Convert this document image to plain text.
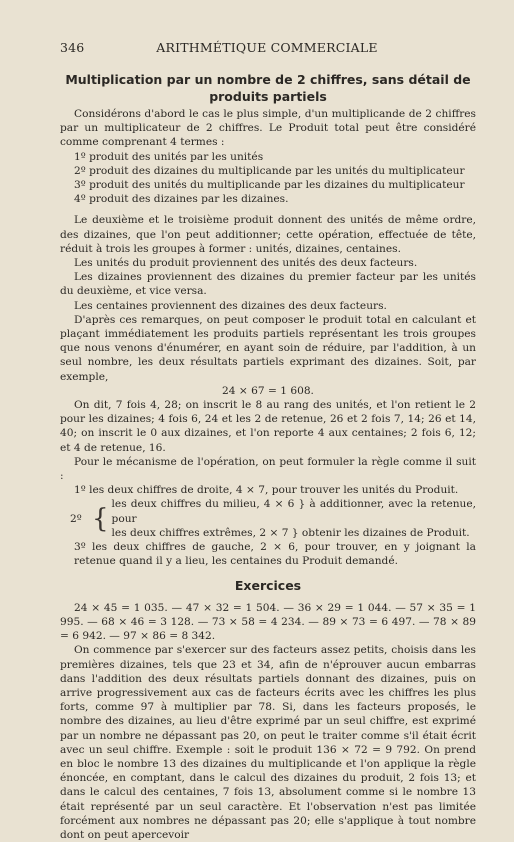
346	ARITHMÉTIQUE COMMERCIALE
Multiplication par un nombre de 2 chiffres, sans détail de produits partiels

Considérons d'abord le cas le plus simple, d'un multiplicande de 2 chiffres par un multiplicateur de 2 chiffres. Le Produit total peut être considéré comme comprenant 4 termes :

1º produit des unités par les unités

2º produit des dizaines du multiplicande par les unités du multiplicateur

3º produit des unités du multiplicande par les dizaines du multiplicateur

4º produit des dizaines par les dizaines.

Le deuxième et le troisième produit donnent des unités de même ordre, des dizaines, que l'on peut additionner; cette opération, effectuée de tête, réduit à trois les groupes à former : unités, dizaines, centaines.

Les unités du produit proviennent des unités des deux facteurs.

Les dizaines proviennent des dizaines du premier facteur par les unités du deuxième, et vice versa.

Les centaines proviennent des dizaines des deux facteurs.

D'après ces remarques, on peut composer le produit total en calculant et plaçant immédiatement les produits partiels représentant les trois groupes que nous venons d'énumérer, en ayant soin de réduire, par l'addition, à un seul nombre, les deux résultats partiels exprimant des dizaines. Soit, par exemple,

24 × 67 = 1 608.

On dit, 7 fois 4, 28; on inscrit le 8 au rang des unités, et l'on retient le 2 pour les dizaines; 4 fois 6, 24 et les 2 de retenue, 26 et 2 fois 7, 14; 26 et 14, 40; on inscrit le 0 aux dizaines, et l'on reporte 4 aux centaines; 2 fois 6, 12; et 4 de retenue, 16.

Pour le mécanisme de l'opération, on peut formuler la règle comme il suit :

1º les deux chiffres de droite, 4 × 7, pour trouver les unités du Produit.

2º { les deux chiffres du milieu, 4 × 6 } à additionner, avec la retenue, pour

les deux chiffres extrêmes, 2 × 7 } obtenir les dizaines de Produit.

3º les deux chiffres de gauche, 2 × 6, pour trouver, en y joignant la retenue quand il y a lieu, les centaines du Produit demandé.

Exercices

24 × 45 = 1 035. — 47 × 32 = 1 504. — 36 × 29 = 1 044. — 57 × 35 = 1 995. — 68 × 46 = 3 128. — 73 × 58 = 4 234. — 89 × 73 = 6 497. — 78 × 89 = 6 942. — 97 × 86 = 8 342.

On commence par s'exercer sur des facteurs assez petits, choisis dans les premières dizaines, tels que 23 et 34, afin de n'éprouver aucun embarras dans l'addition des deux résultats partiels donnant des dizaines, puis on arrive progressivement aux cas de facteurs écrits avec les chiffres les plus forts, comme 97 à multiplier par 78. Si, dans les facteurs proposés, le nombre des dizaines, au lieu d'être exprimé par un seul chiffre, est exprimé par un nombre ne dépassant pas 20, on peut le traiter comme s'il était écrit avec un seul chiffre. Exemple : soit le produit 136 × 72 = 9 792. On prend en bloc le nombre 13 des dizaines du multiplicande et l'on applique la règle énoncée, en comptant, dans le calcul des dizaines du produit, 2 fois 13; et dans le calcul des centaines, 7 fois 13, absolument comme si le nombre 13 était représenté par un seul caractère. Et l'observation n'est pas limitée forcément aux nombres ne dépassant pas 20; elle s'applique à tout nombre dont on peut apercevoir
